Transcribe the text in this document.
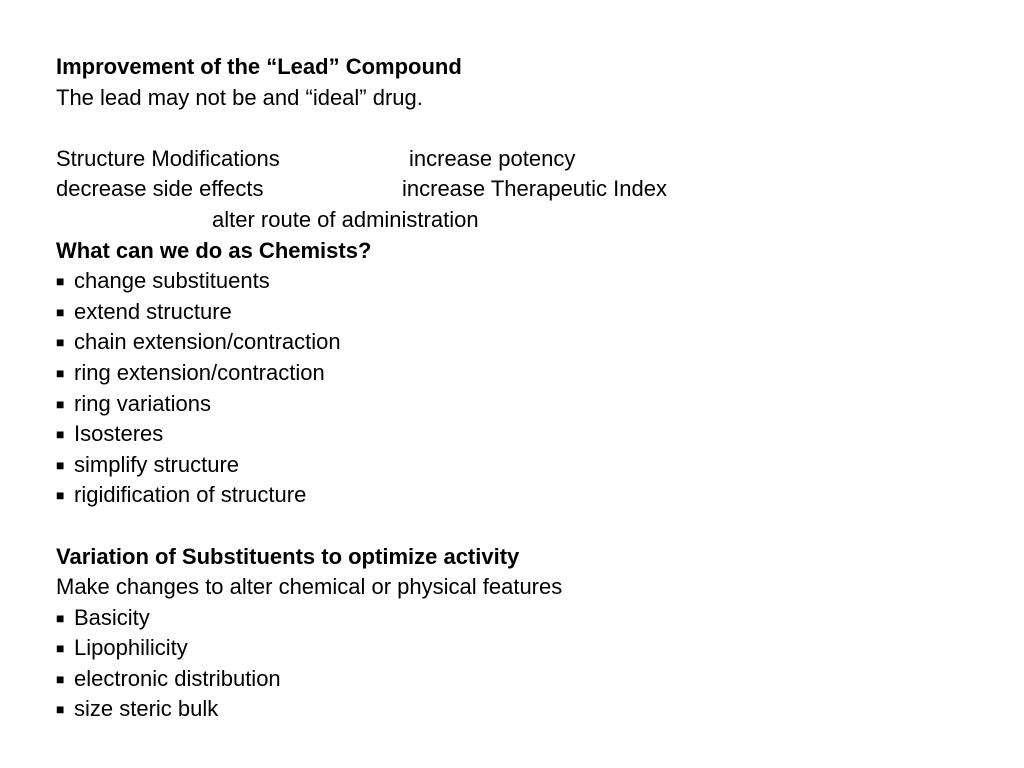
Improvement of the “Lead” Compound
The lead may not be and “ideal” drug.
Structure Modifications	increase potency
decrease side effects	increase Therapeutic Index
alter route of administration
What can we do as Chemists?
■ change substituents
■ extend structure
■ chain extension/contraction
■ ring extension/contraction
■ ring variations
■ Isosteres
■ simplify structure
■ rigidification of structure
Variation of Substituents to optimize activity
Make changes to alter chemical or physical features
■ Basicity
■ Lipophilicity
■ electronic distribution
■ size steric bulk
